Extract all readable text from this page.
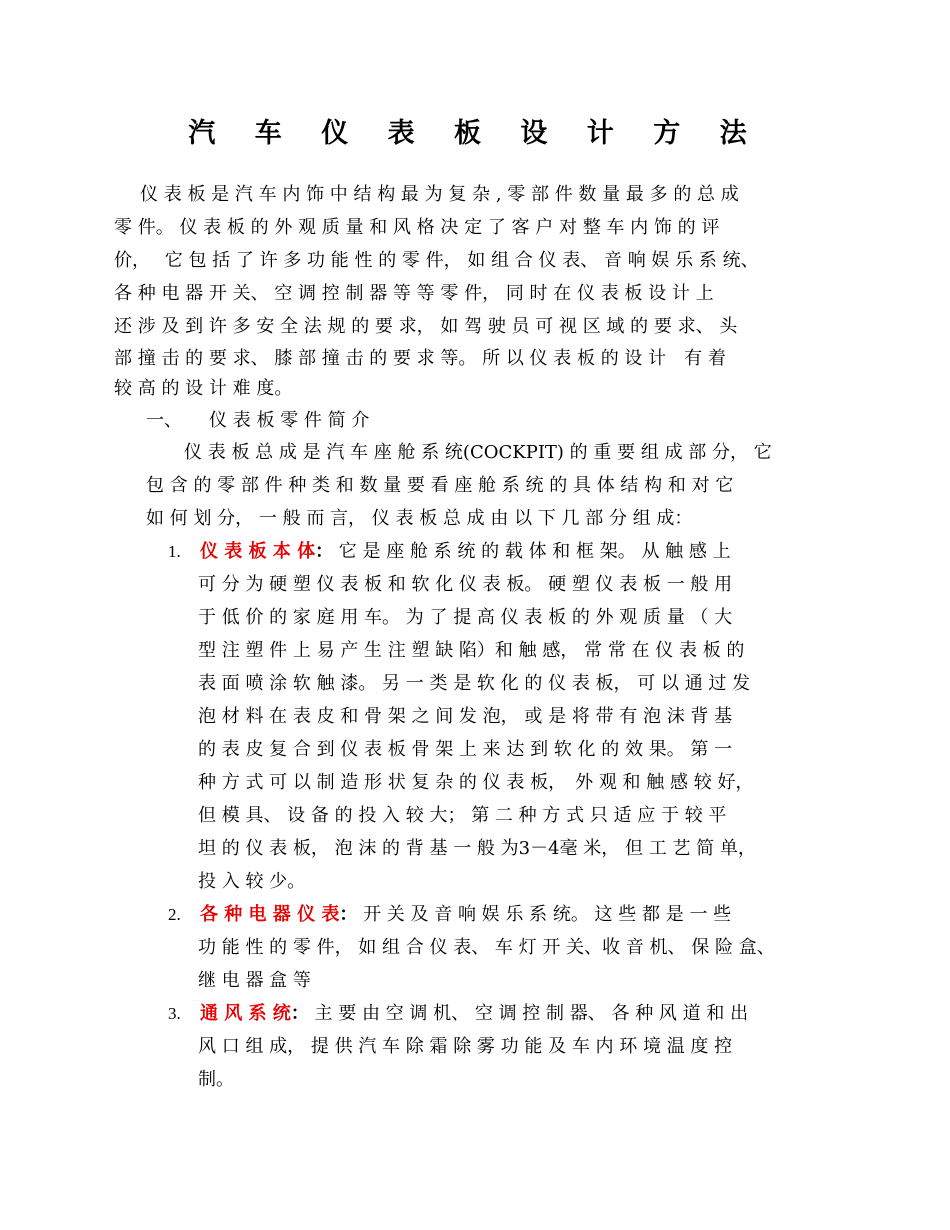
汽 车 仪 表 板 设 计 方 法
仪 表 板 是 汽 车 内 饰 中 结 构 最 为 复 杂 , 零 部 件 数 量 最 多 的 总 成
零 件。 仪 表 板 的 外 观 质 量 和 风 格 决 定 了 客 户 对 整 车 内 饰 的 评
价，　 它 包 括 了 许 多 功 能 性 的 零 件， 如 组 合 仪 表、 音 响 娱 乐 系 统、
各 种 电 器 开 关、 空 调 控 制 器 等 等 零 件， 同 时 在 仪 表 板 设 计 上
还 涉 及 到 许 多 安 全 法 规 的 要 求， 如 驾 驶 员 可 视 区 域 的 要 求、 头
部 撞 击 的 要 求、 膝 部 撞 击 的 要 求 等。 所 以 仪 表 板 的 设 计　有 着
较 高 的 设 计 难 度。
一、　　仪 表 板 零 件 简 介
仪 表 板 总 成 是 汽 车 座 舱 系 统(COCKPIT) 的 重 要 组 成 部 分， 它
包 含 的 零 部 件 种 类 和 数 量 要 看 座 舱 系 统 的 具 体 结 构 和 对 它
如 何 划 分， 一 般 而 言， 仪 表 板 总 成 由 以 下 几 部 分 组 成：
1. 仪 表 板 本 体： 它 是 座 舱 系 统 的 载 体 和 框 架。 从 触 感 上
可 分 为 硬 塑 仪 表 板 和 软 化 仪 表 板。 硬 塑 仪 表 板 一 般 用
于 低 价 的 家 庭 用 车。 为 了 提 高 仪 表 板 的 外 观 质 量 （ 大
型 注 塑 件 上 易 产 生 注 塑 缺 陷）和 触 感， 常 常 在 仪 表 板 的
表 面 喷 涂 软 触 漆。 另 一 类 是 软 化 的 仪 表 板， 可 以 通 过 发
泡 材 料 在 表 皮 和 骨 架 之 间 发 泡， 或 是 将 带 有 泡 沫 背 基
的 表 皮 复 合 到 仪 表 板 骨 架 上 来 达 到 软 化 的 效 果。 第 一
种 方 式 可 以 制 造 形 状 复 杂 的 仪 表 板，　外 观 和 触 感 较 好，
但 模 具、 设 备 的 投 入 较 大； 第 二 种 方 式 只 适 应 于 较 平
坦 的 仪 表 板， 泡 沫 的 背 基 一 般 为3－4毫 米， 但 工 艺 简 单，
投 入 较 少。
2. 各 种 电 器 仪 表： 开 关 及 音 响 娱 乐 系 统。 这 些 都 是 一 些
功 能 性 的 零 件， 如 组 合 仪 表、 车 灯 开 关、收 音 机、 保 险 盒、
继 电 器 盒 等
3. 通 风 系 统： 主 要 由 空 调 机、 空 调 控 制 器、 各 种 风 道 和 出
风 口 组 成， 提 供 汽 车 除 霜 除 雾 功 能 及 车 内 环 境 温 度 控
制。
